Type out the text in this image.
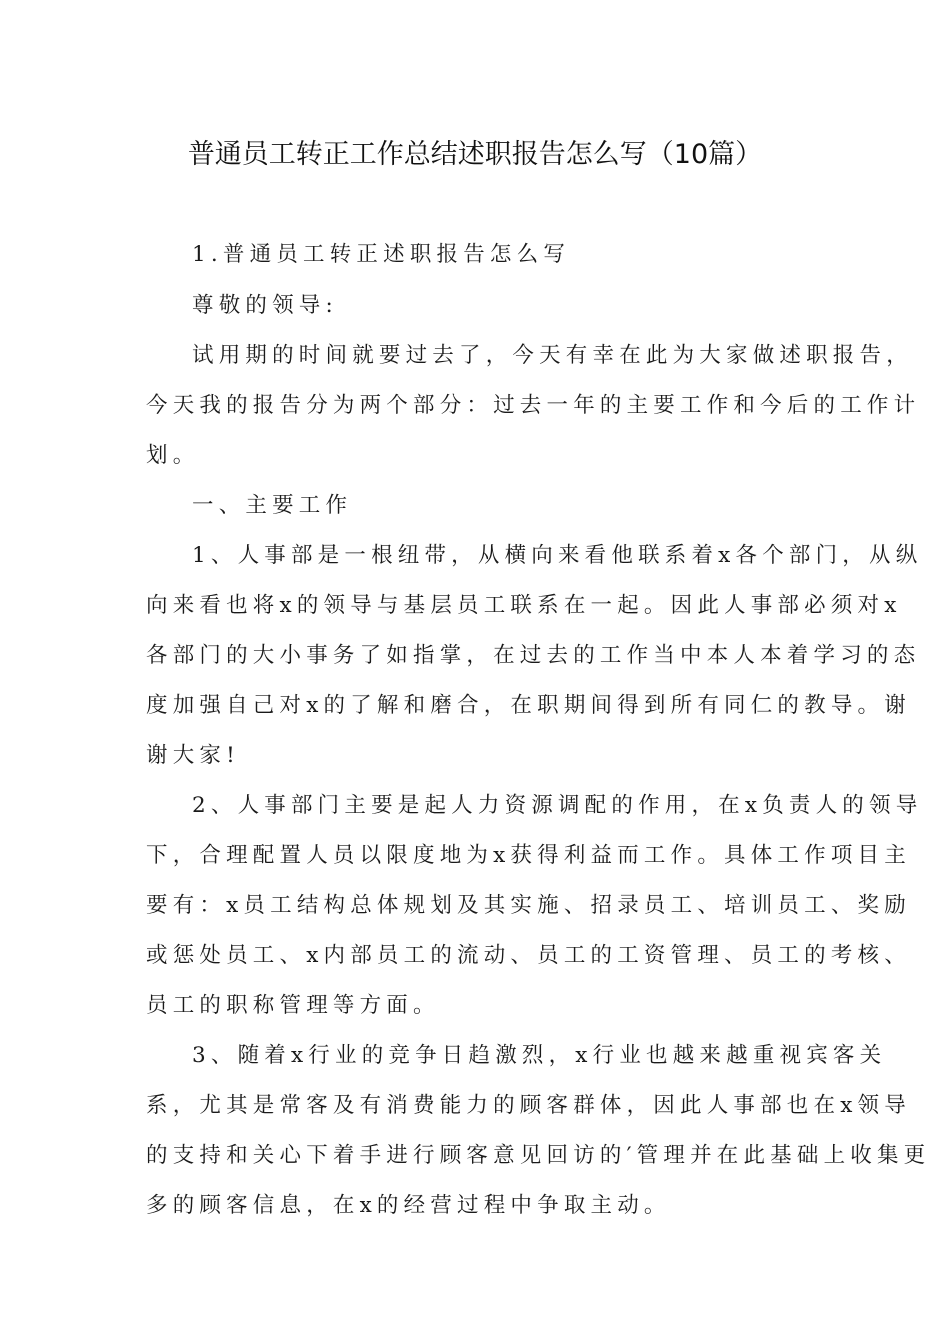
普通员工转正工作总结述职报告怎么写（10篇）
1.普通员工转正述职报告怎么写
尊敬的领导:
试用期的时间就要过去了，今天有幸在此为大家做述职报告，
今天我的报告分为两个部分：过去一年的主要工作和今后的工作计
划。
一、主要工作
1、人事部是一根纽带，从横向来看他联系着x各个部门，从纵
向来看也将x的领导与基层员工联系在一起。因此人事部必须对x
各部门的大小事务了如指掌，在过去的工作当中本人本着学习的态
度加强自己对x的了解和磨合，在职期间得到所有同仁的教导。谢
谢大家!
2、人事部门主要是起人力资源调配的作用，在x负责人的领导
下，合理配置人员以限度地为x获得利益而工作。具体工作项目主
要有：x员工结构总体规划及其实施、招录员工、培训员工、奖励
或惩处员工、x内部员工的流动、员工的工资管理、员工的考核、
员工的职称管理等方面。
3、随着x行业的竞争日趋激烈，x行业也越来越重视宾客关
系，尤其是常客及有消费能力的顾客群体，因此人事部也在x领导
的支持和关心下着手进行顾客意见回访的′管理并在此基础上收集更
多的顾客信息，在x的经营过程中争取主动。
